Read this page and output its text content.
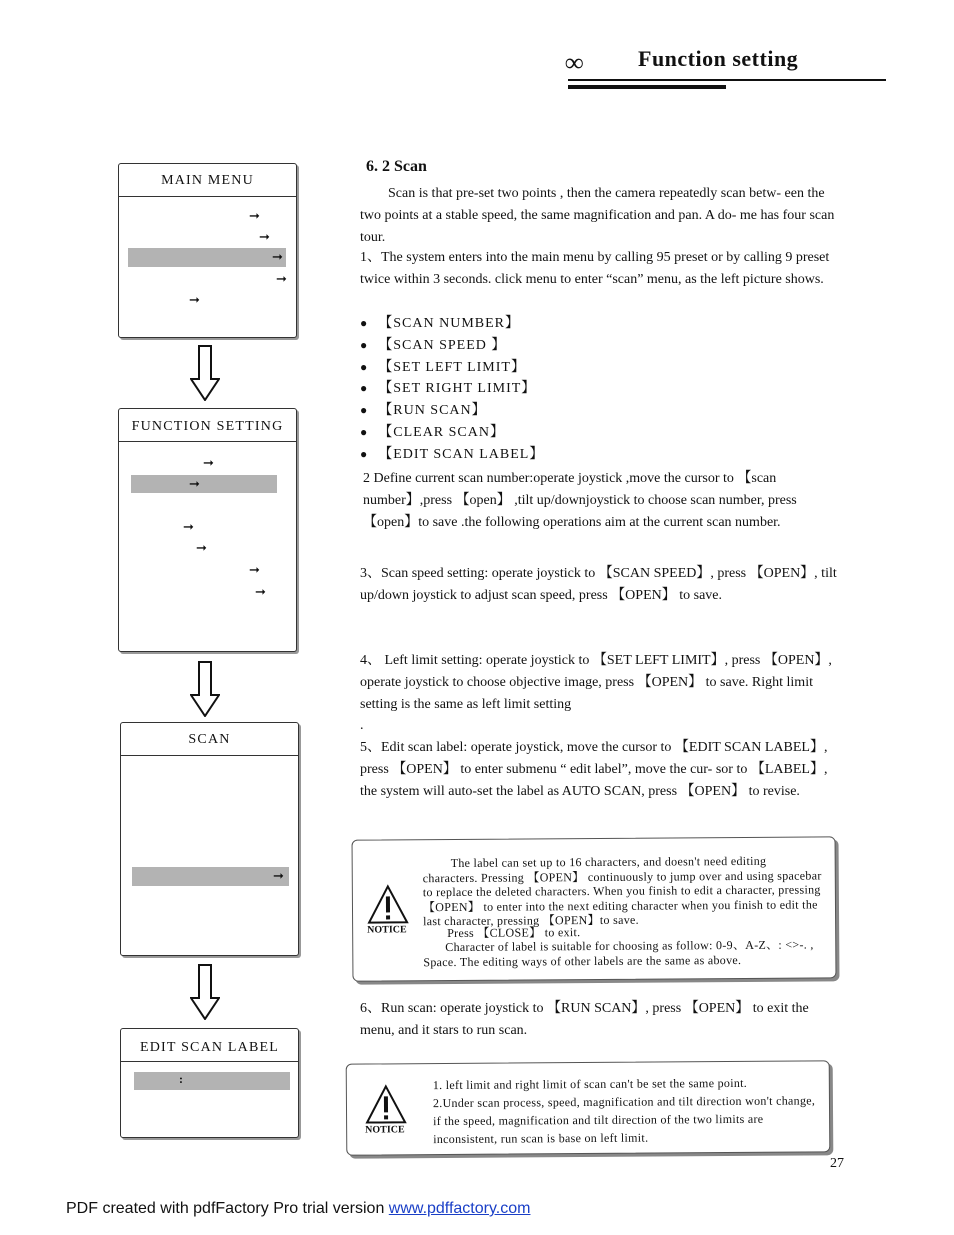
∞ Function setting
MAIN MENU
➞
➞
➞
➞
➞
FUNCTION SETTING
➞
➞
➞
➞
➞
➞
SCAN
➞
EDIT SCAN LABEL
:
6. 2 Scan
Scan is that pre-set two points , then the camera repeatedly scan betw- een the two points at a stable speed, the same magnification and pan. A do- me has four scan tour.
1、The system enters into the main menu by calling 95 preset or by calling 9 preset twice within 3 seconds. click menu to enter “scan” menu, as the left picture shows.
● 【SCAN NUMBER】
● 【SCAN SPEED 】
● 【SET LEFT LIMIT】
● 【SET RIGHT LIMIT】
● 【RUN SCAN】
● 【CLEAR SCAN】
● 【EDIT SCAN LABEL】
2 Define current scan number:operate joystick ,move the cursor to 【scan number】,press 【open】 ,tilt up/downjoystick to choose scan number, press 【open】to save .the following operations aim at the current scan number.
3、Scan speed setting: operate joystick to 【SCAN SPEED】, press 【OPEN】, tilt up/down joystick to adjust scan speed, press 【OPEN】 to save.
4、 Left limit setting: operate joystick to 【SET LEFT LIMIT】, press 【OPEN】, operate joystick to choose objective image, press 【OPEN】 to save. Right limit setting is the same as left limit setting
.
5、Edit scan label: operate joystick, move the cursor to 【EDIT SCAN LABEL】, press 【OPEN】 to enter submenu “ edit label”, move the cur- sor to 【LABEL】, the system will auto-set the label as AUTO SCAN, press 【OPEN】 to revise.
NOTICE
The label can set up to 16 characters, and doesn't need editing characters. Pressing 【OPEN】 continuously to jump over and using spacebar to replace the deleted characters. When you finish to edit a character, pressing 【OPEN】 to enter into the next editing character when you finish to edit the last character, pressing 【OPEN】to save.
Press 【CLOSE】 to exit.
Character of label is suitable for choosing as follow: 0-9、A-Z、: <>-. , Space. The editing ways of other labels are the same as above.
6、Run scan: operate joystick to 【RUN SCAN】, press 【OPEN】 to exit the menu, and it stars to run scan.
NOTICE
1. left limit and right limit of scan can't be set the same point.
2.Under scan process, speed, magnification and tilt direction won't change, if the speed, magnification and tilt direction of the two limits are inconsistent, run scan is base on left limit.
27
PDF created with pdfFactory Pro trial version www.pdffactory.com
